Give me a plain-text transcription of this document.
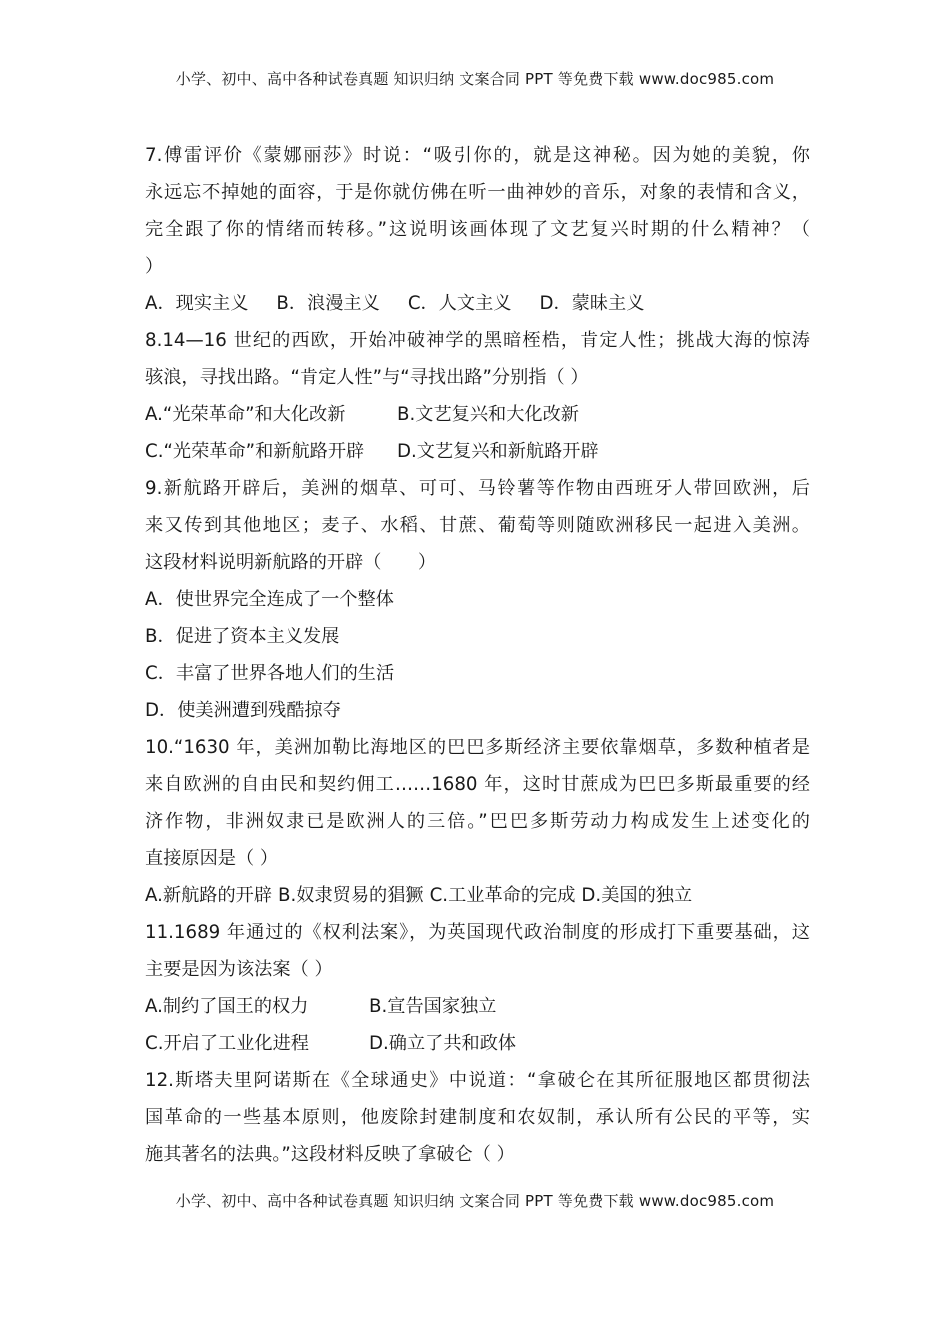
小学、初中、高中各种试卷真题 知识归纳 文案合同 PPT 等免费下载 www.doc985.com
7.傅雷评价《蒙娜丽莎》时说：“吸引你的，就是这神秘。因为她的美貌，你
永远忘不掉她的面容，于是你就仿佛在听一曲神妙的音乐，对象的表情和含义，
完全跟了你的情绪而转移。”这说明该画体现了文艺复兴时期的什么精神？（
）
A．现实主义 B．浪漫主义 C．人文主义 D．蒙昧主义
8.14—16 世纪的西欧，开始冲破神学的黑暗桎梏，肯定人性；挑战大海的惊涛
骇浪，寻找出路。“肯定人性”与“寻找出路”分别指（ ）
A.“光荣革命”和大化改新	B.文艺复兴和大化改新
C.“光荣革命”和新航路开辟	D.文艺复兴和新航路开辟
9.新航路开辟后，美洲的烟草、可可、马铃薯等作物由西班牙人带回欧洲，后
来又传到其他地区；麦子、水稻、甘蔗、葡萄等则随欧洲移民一起进入美洲。
这段材料说明新航路的开辟（　　）
A．使世界完全连成了一个整体
B．促进了资本主义发展
C．丰富了世界各地人们的生活
D．使美洲遭到残酷掠夺
10.“1630 年，美洲加勒比海地区的巴巴多斯经济主要依靠烟草，多数种植者是
来自欧洲的自由民和契约佣工……1680 年，这时甘蔗成为巴巴多斯最重要的经
济作物，非洲奴隶已是欧洲人的三倍。”巴巴多斯劳动力构成发生上述变化的
直接原因是（ ）
A.新航路的开辟 B.奴隶贸易的猖獗 C.工业革命的完成 D.美国的独立
11.1689 年通过的《权利法案》，为英国现代政治制度的形成打下重要基础，这
主要是因为该法案（ ）
A.制约了国王的权力	B.宣告国家独立
C.开启了工业化进程	D.确立了共和政体
12.斯塔夫里阿诺斯在《全球通史》中说道：“拿破仑在其所征服地区都贯彻法
国革命的一些基本原则，他废除封建制度和农奴制，承认所有公民的平等，实
施其著名的法典。”这段材料反映了拿破仑（ ）
小学、初中、高中各种试卷真题 知识归纳 文案合同 PPT 等免费下载 www.doc985.com
